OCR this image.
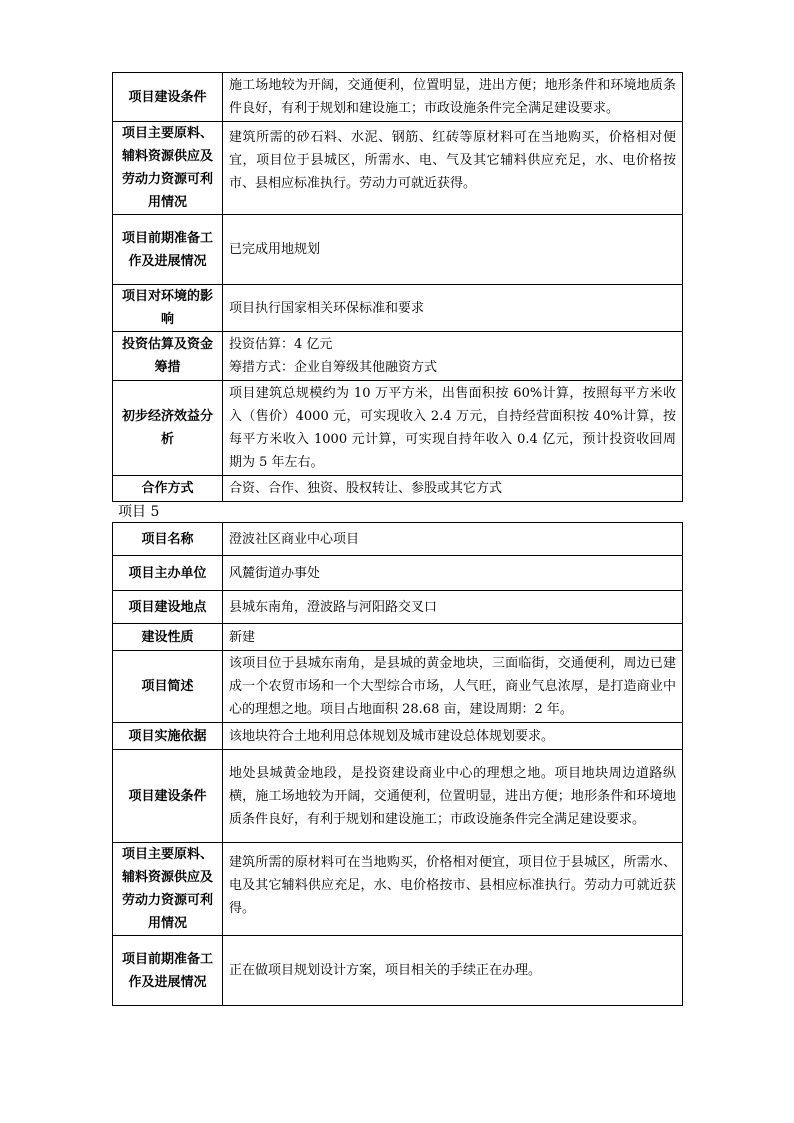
项目建设条件	施工场地较为开阔，交通便利，位置明显，进出方便；地形条件和环境地质条件良好，有利于规划和建设施工；市政设施条件完全满足建设要求。
项目主要原料、辅料资源供应及劳动力资源可利用情况	建筑所需的砂石料、水泥、钢筋、红砖等原材料可在当地购买，价格相对便宜，项目位于县城区，所需水、电、气及其它辅料供应充足，水、电价格按市、县相应标准执行。劳动力可就近获得。
项目前期准备工作及进展情况	已完成用地规划
项目对环境的影响	项目执行国家相关环保标准和要求
投资估算及资金筹措	投资估算：4 亿元
筹措方式：企业自筹级其他融资方式
初步经济效益分析	项目建筑总规模约为 10 万平方米，出售面积按 60%计算，按照每平方米收入（售价）4000 元，可实现收入 2.4 万元，自持经营面积按 40%计算，按每平方米收入 1000 元计算，可实现自持年收入 0.4 亿元，预计投资收回周期为 5 年左右。
合作方式	合资、合作、独资、股权转让、参股或其它方式

项目 5

项目名称	澄波社区商业中心项目
项目主办单位	风麓街道办事处
项目建设地点	县城东南角，澄波路与河阳路交叉口
建设性质	新建
项目简述	该项目位于县城东南角，是县城的黄金地块，三面临街，交通便利，周边已建成一个农贸市场和一个大型综合市场，人气旺，商业气息浓厚，是打造商业中心的理想之地。项目占地面积 28.68 亩，建设周期：2 年。
项目实施依据	该地块符合土地利用总体规划及城市建设总体规划要求。
项目建设条件	地处县城黄金地段，是投资建设商业中心的理想之地。项目地块周边道路纵横，施工场地较为开阔，交通便利，位置明显，进出方便；地形条件和环境地质条件良好，有利于规划和建设施工；市政设施条件完全满足建设要求。
项目主要原料、辅料资源供应及劳动力资源可利用情况	建筑所需的原材料可在当地购买，价格相对便宜，项目位于县城区，所需水、电及其它辅料供应充足，水、电价格按市、县相应标准执行。劳动力可就近获得。
项目前期准备工作及进展情况	正在做项目规划设计方案，项目相关的手续正在办理。
